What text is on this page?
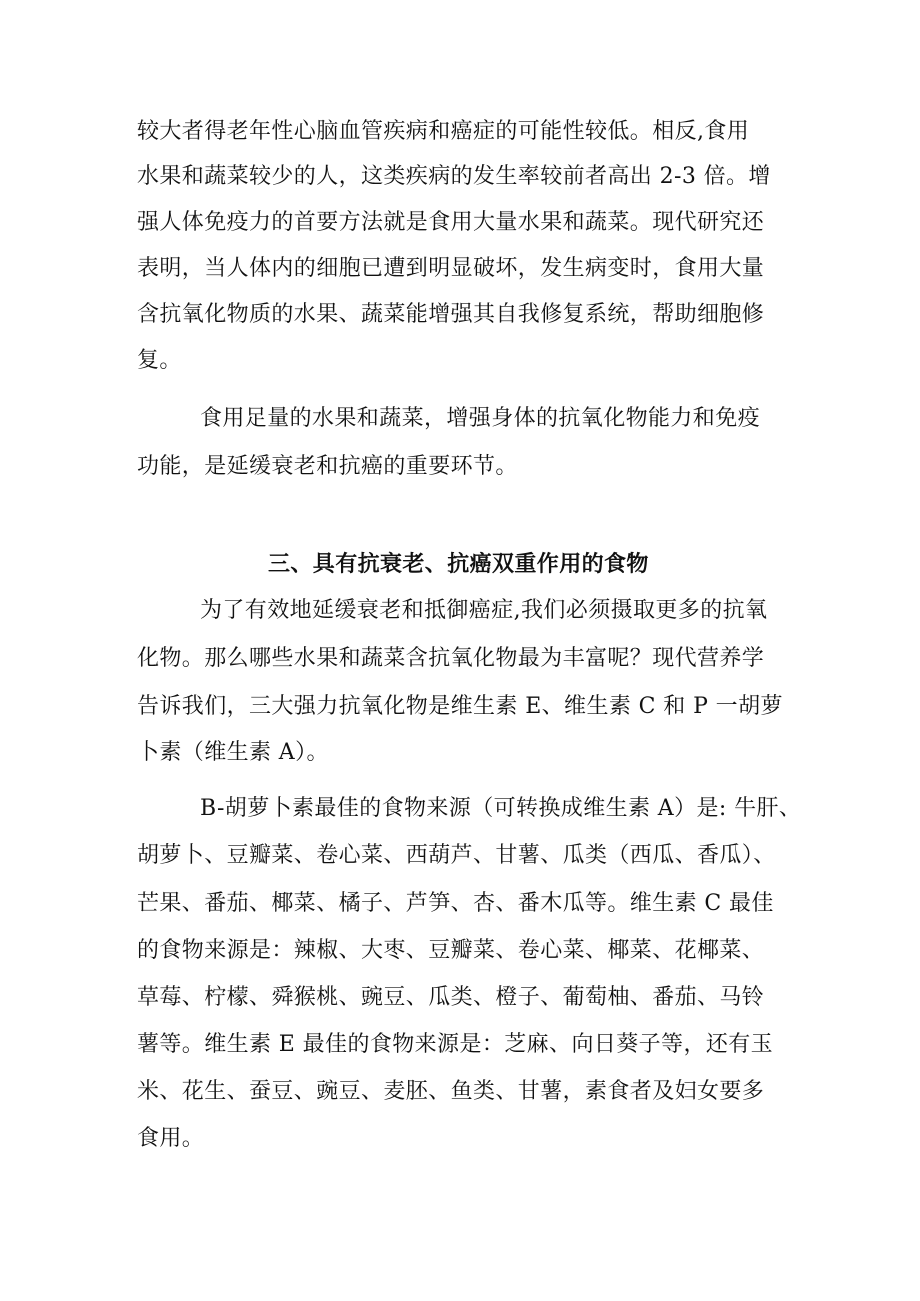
较大者得老年性心脑血管疾病和癌症的可能性较低。相反,食用

水果和蔬菜较少的人，这类疾病的发生率较前者高出 2-3 倍。增

强人体免疫力的首要方法就是食用大量水果和蔬菜。现代研究还

表明，当人体内的细胞已遭到明显破坏，发生病变时，食用大量

含抗氧化物质的水果、蔬菜能增强其自我修复系统，帮助细胞修

复。

食用足量的水果和蔬菜，增强身体的抗氧化物能力和免疫

功能，是延缓衰老和抗癌的重要环节。

三、具有抗衰老、抗癌双重作用的食物

为了有效地延缓衰老和抵御癌症,我们必须摄取更多的抗氧

化物。那么哪些水果和蔬菜含抗氧化物最为丰富呢？现代营养学

告诉我们，三大强力抗氧化物是维生素 E、维生素 C 和 P 一胡萝

卜素（维生素 A）。

B-胡萝卜素最佳的食物来源（可转换成维生素 A）是: 牛肝、

胡萝卜、豆瓣菜、卷心菜、西葫芦、甘薯、瓜类（西瓜、香瓜）、

芒果、番茄、椰菜、橘子、芦笋、杏、番木瓜等。维生素 C 最佳

的食物来源是：辣椒、大枣、豆瓣菜、卷心菜、椰菜、花椰菜、

草莓、柠檬、舜猴桃、豌豆、瓜类、橙子、葡萄柚、番茄、马铃

薯等。维生素 E 最佳的食物来源是：芝麻、向日葵子等，还有玉

米、花生、蚕豆、豌豆、麦胚、鱼类、甘薯，素食者及妇女要多

食用。
